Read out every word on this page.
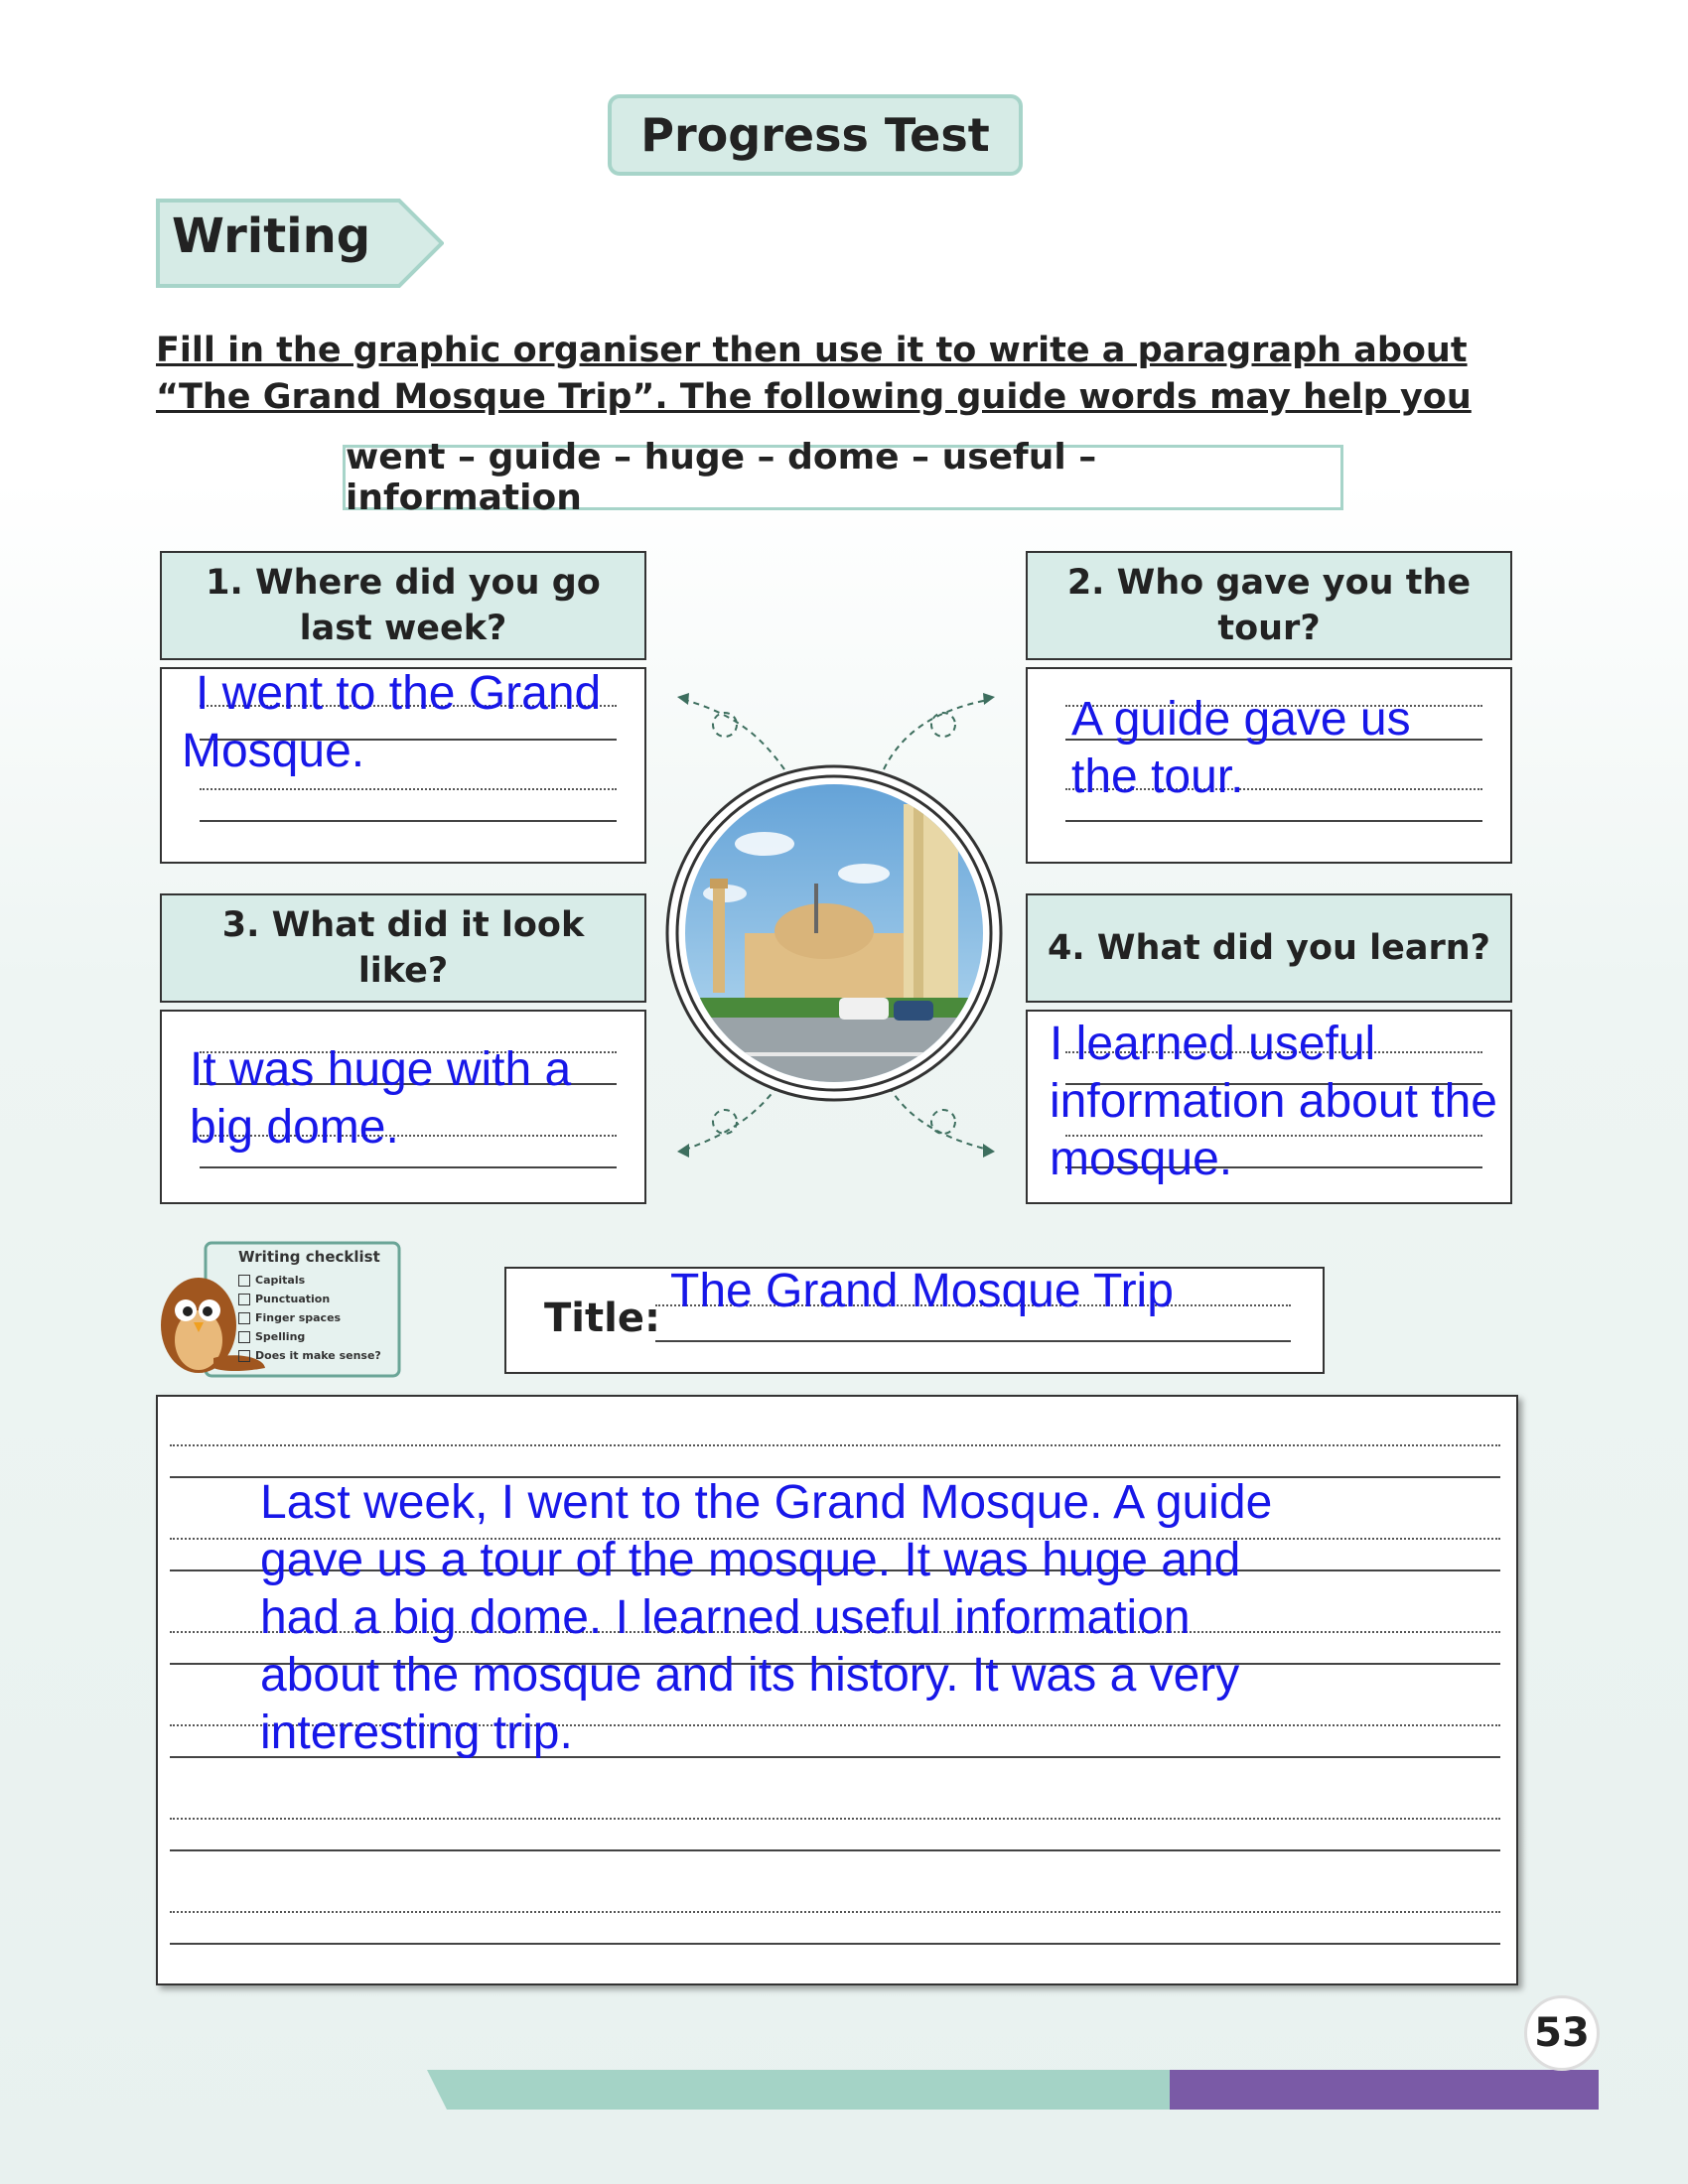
Progress Test
Writing
Fill in the graphic organiser then use it to write a paragraph about “The Grand Mosque Trip”. The following guide words may help you
went – guide – huge – dome – useful – information
1. Where did you go last week?
I went to the Grand Mosque.
2. Who gave you the tour?
A guide gave us the tour.
3. What did it look like?
It was huge with a big dome.
4. What did you learn?
I learned useful information about the mosque.
Writing checklist
Capitals
Punctuation
Finger spaces
Spelling
Does it make sense?
Title:
The Grand Mosque Trip
Last week, I went to the Grand Mosque. A guide gave us a tour of the mosque. It was huge and had a big dome. I learned useful information about the mosque and its history. It was a very interesting trip.
53
